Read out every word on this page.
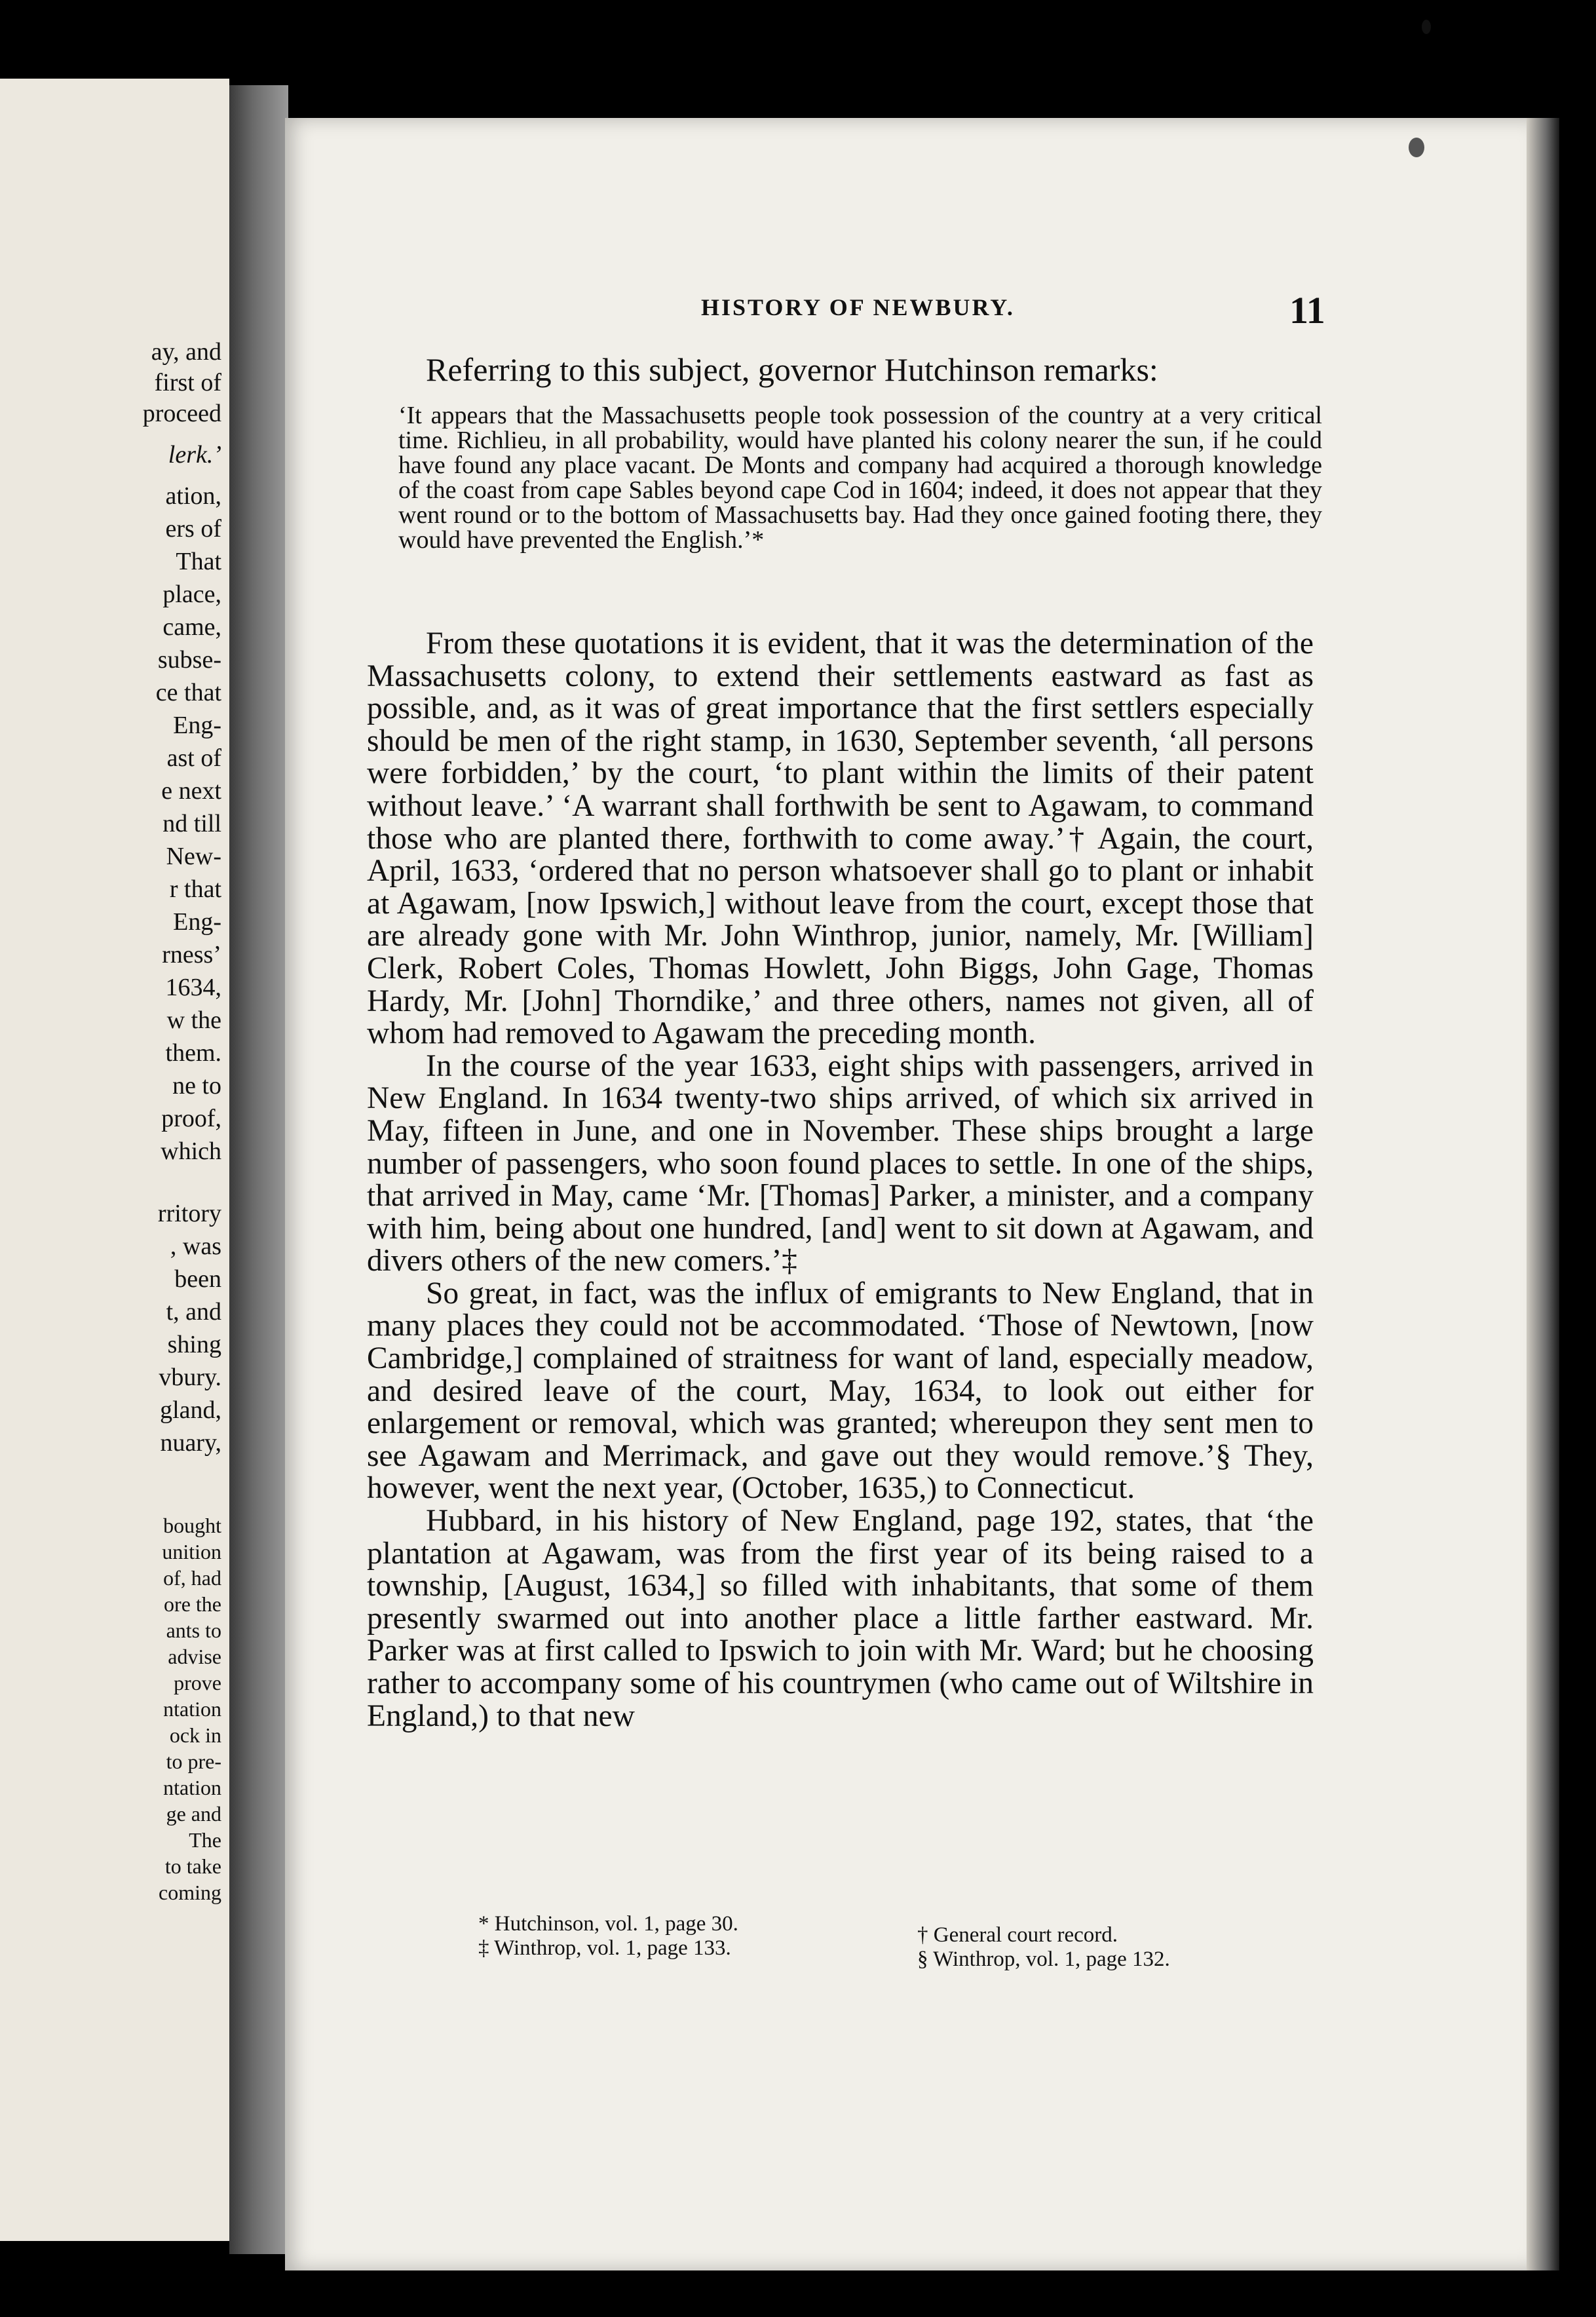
ay, and
first of
proceed
lerk.’
ation,
ers of
That
place,
came,
subse-
ce that
Eng-
ast of
e next
nd till
New-
r that
Eng-
rness’
1634,
w the
them.
ne to
proof,
which
rritory
, was
been
t, and
shing
vbury.
gland,
nuary,
bought
unition
of, had
ore the
ants to
advise
prove
ntation
ock in
to pre-
ntation
ge and
The
to take
coming
HISTORY OF NEWBURY.	11
Referring to this subject, governor Hutchinson remarks:
‘It appears that the Massachusetts people took possession of the country at a very critical time. Richlieu, in all probability, would have planted his colony nearer the sun, if he could have found any place vacant. De Monts and company had acquired a thorough knowledge of the coast from cape Sables beyond cape Cod in 1604; indeed, it does not appear that they went round or to the bottom of Massachusetts bay. Had they once gained footing there, they would have prevented the English.’*

From these quotations it is evident, that it was the determination of the Massachusetts colony, to extend their settlements eastward as fast as possible, and, as it was of great importance that the first settlers especially should be men of the right stamp, in 1630, September seventh, ‘all persons were forbidden,’ by the court, ‘to plant within the limits of their patent without leave.’ ‘A warrant shall forthwith be sent to Agawam, to command those who are planted there, forthwith to come away.’† Again, the court, April, 1633, ‘ordered that no person whatsoever shall go to plant or inhabit at Agawam, [now Ipswich,] without leave from the court, except those that are already gone with Mr. John Winthrop, junior, namely, Mr. [William] Clerk, Robert Coles, Thomas Howlett, John Biggs, John Gage, Thomas Hardy, Mr. [John] Thorndike,’ and three others, names not given, all of whom had removed to Agawam the preceding month.

In the course of the year 1633, eight ships with passengers, arrived in New England. In 1634 twenty-two ships arrived, of which six arrived in May, fifteen in June, and one in November. These ships brought a large number of passengers, who soon found places to settle. In one of the ships, that arrived in May, came ‘Mr. [Thomas] Parker, a minister, and a company with him, being about one hundred, [and] went to sit down at Agawam, and divers others of the new comers.’‡

So great, in fact, was the influx of emigrants to New England, that in many places they could not be accommodated. ‘Those of Newtown, [now Cambridge,] complained of straitness for want of land, especially meadow, and desired leave of the court, May, 1634, to look out either for enlargement or removal, which was granted; whereupon they sent men to see Agawam and Merrimack, and gave out they would remove.’§ They, however, went the next year, (October, 1635,) to Connecticut.

Hubbard, in his history of New England, page 192, states, that ‘the plantation at Agawam, was from the first year of its being raised to a township, [August, 1634,] so filled with inhabitants, that some of them presently swarmed out into another place a little farther eastward. Mr. Parker was at first called to Ipswich to join with Mr. Ward; but he choosing rather to accompany some of his countrymen (who came out of Wiltshire in England,) to that new

* Hutchinson, vol. 1, page 30.
‡ Winthrop, vol. 1, page 133.
† General court record.
§ Winthrop, vol. 1, page 132.
